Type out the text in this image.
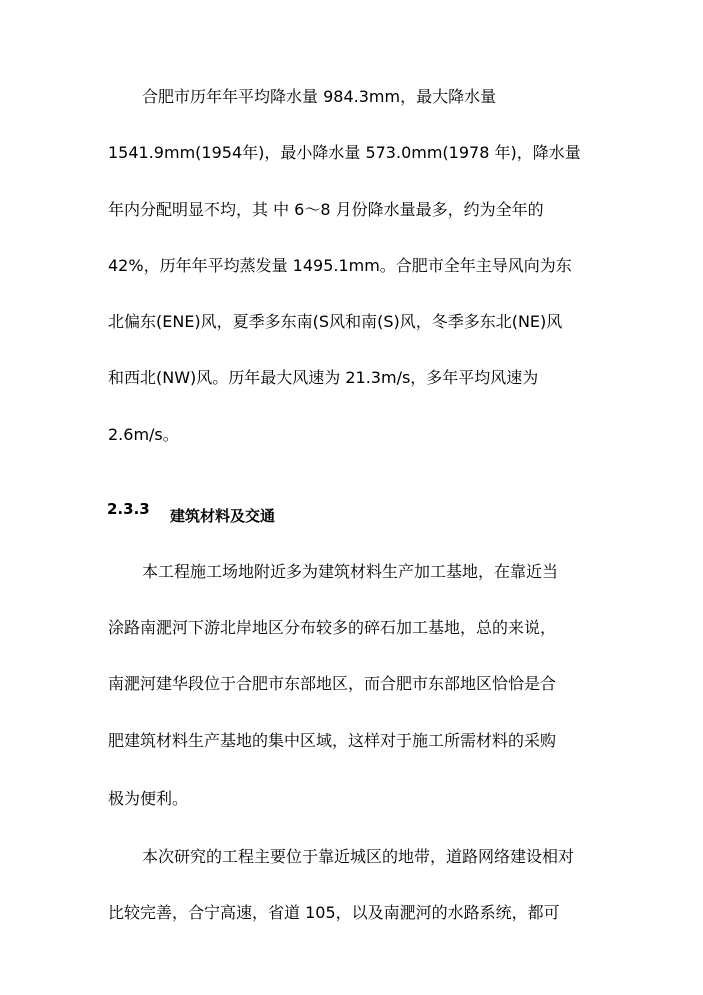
合肥市历年年平均降水量 984.3mm，最大降水量
1541.9mm(1954年)，最小降水量 573.0mm(1978 年)，降水量
年内分配明显不均，其 中 6～8 月份降水量最多，约为全年的
42%，历年年平均蒸发量 1495.1mm。合肥市全年主导风向为东
北偏东(ENE)风，夏季多东南(S风和南(S)风，冬季多东北(NE)风
和西北(NW)风。历年最大风速为 21.3m/s，多年平均风速为
2.6m/s。
2.3.3 建筑材料及交通
本工程施工场地附近多为建筑材料生产加工基地，在靠近当
涂路南淝河下游北岸地区分布较多的碎石加工基地，总的来说，
南淝河建华段位于合肥市东部地区，而合肥市东部地区恰恰是合
肥建筑材料生产基地的集中区域，这样对于施工所需材料的采购
极为便利。
本次研究的工程主要位于靠近城区的地带，道路网络建设相对
比较完善，合宁高速，省道 105，以及南淝河的水路系统，都可
